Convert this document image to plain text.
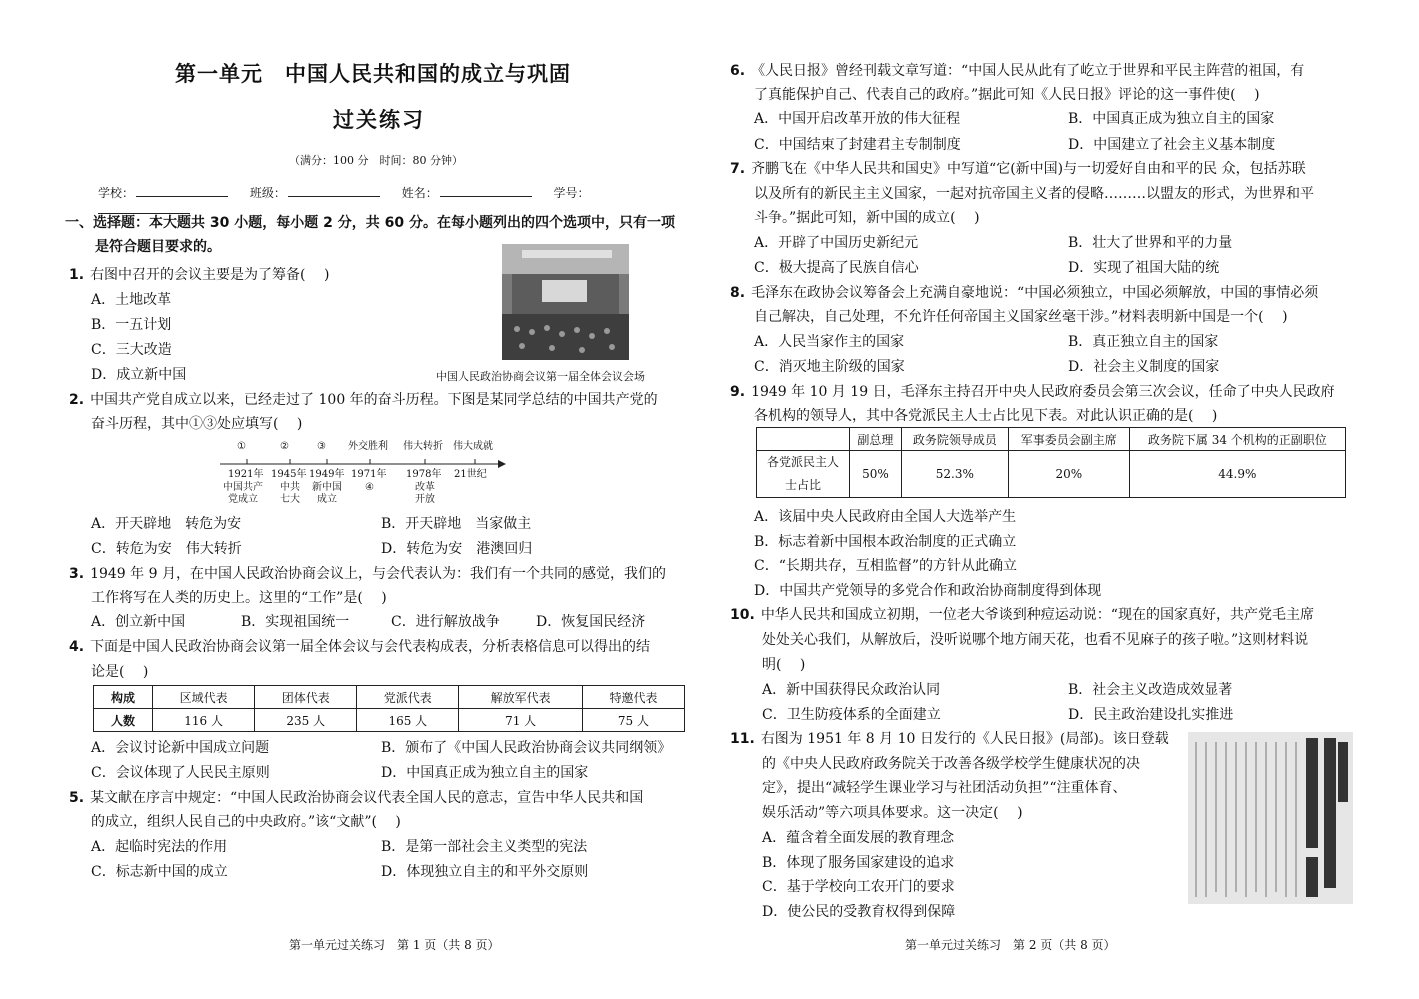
第一单元　中国人民共和国的成立与巩固
过关练习
（满分：100 分　时间：80 分钟）
学校：	班级：	姓名：	学号：
一、选择题：本大题共 30 小题，每小题 2 分，共 60 分。在每小题列出的四个选项中，只有一项
是符合题目要求的。
1. 右图中召开的会议主要是为了筹备(　 )
A．土地改革
B．一五计划
C．三大改造
D．成立新中国	中国人民政治协商会议第一届全体会议会场
2. 中国共产党自成立以来，已经走过了 100 年的奋斗历程。下图是某同学总结的中国共产党的
奋斗历程，其中①③处应填写(　 )
①	②	③ 外交胜利 伟大转折 伟大成就
1921年 1945年 1949年 1971年 1978年 21世纪
中国共产
党成立
中共
七大
新中国
成立
④	改革
开放
A．开天辟地　转危为安	B．开天辟地　当家做主
C．转危为安　伟大转折	D．转危为安　港澳回归
3. 1949 年 9 月，在中国人民政治协商会议上，与会代表认为：我们有一个共同的感觉，我们的
工作将写在人类的历史上。这里的“工作”是(　 )
A．创立新中国	B．实现祖国统一	C．进行解放战争	D．恢复国民经济
4. 下面是中国人民政治协商会议第一届全体会议与会代表构成表，分析表格信息可以得出的结
论是(　 )
构成	区域代表	团体代表	党派代表	解放军代表	特邀代表
人数	116 人	235 人	165 人	71 人	75 人
A．会议讨论新中国成立问题	B．颁布了《中国人民政治协商会议共同纲领》
C．会议体现了人民民主原则	D．中国真正成为独立自主的国家
5. 某文献在序言中规定：“中国人民政治协商会议代表全国人民的意志，宣告中华人民共和国
的成立，组织人民自己的中央政府。”该“文献”(　 )
A．起临时宪法的作用	B．是第一部社会主义类型的宪法
C．标志新中国的成立	D．体现独立自主的和平外交原则
第一单元过关练习　第 1 页（共 8 页）
6. 《人民日报》曾经刊载文章写道：“中国人民从此有了屹立于世界和平民主阵营的祖国，有
了真能保护自己、代表自己的政府。”据此可知《人民日报》评论的这一事件使(　 )
A．中国开启改革开放的伟大征程	B．中国真正成为独立自主的国家
C．中国结束了封建君主专制制度	D．中国建立了社会主义基本制度
7. 齐鹏飞在《中华人民共和国史》中写道“它(新中国)与一切爱好自由和平的民 众，包括苏联
以及所有的新民主主义国家，一起对抗帝国主义者的侵略………以盟友的形式，为世界和平
斗争。”据此可知，新中国的成立(　 )
A．开辟了中国历史新纪元	B．壮大了世界和平的力量
C．极大提高了民族自信心	D．实现了祖国大陆的统
8. 毛泽东在政协会议筹备会上充满自豪地说：“中国必须独立，中国必须解放，中国的事情必须
自己解决，自己处理，不允许任何帝国主义国家丝毫干涉。”材料表明新中国是一个(　 )
A．人民当家作主的国家	B．真正独立自主的国家
C．消灭地主阶级的国家	D．社会主义制度的国家
9. 1949 年 10 月 19 日，毛泽东主持召开中央人民政府委员会第三次会议，任命了中央人民政府
各机构的领导人，其中各党派民主人士占比见下表。对此认识正确的是(　 )
	副总理	政务院领导成员	军事委员会副主席	政务院下属 34 个机构的正副职位

各党派民主人
士占比	50%	52.3%	20%	44.9%
A．该届中央人民政府由全国人大选举产生
B．标志着新中国根本政治制度的正式确立
C．“长期共存，互相监督”的方针从此确立
D．中国共产党领导的多党合作和政治协商制度得到体现
10. 中华人民共和国成立初期，一位老大爷谈到种痘运动说：“现在的国家真好，共产党毛主席
处处关心我们，从解放后，没听说哪个地方闹天花，也看不见麻子的孩子啦。”这则材料说
明(　 )
A．新中国获得民众政治认同	B．社会主义改造成效显著
C．卫生防疫体系的全面建立	D．民主政治建设扎实推进
11. 右图为 1951 年 8 月 10 日发行的《人民日报》(局部)。该日登载
的《中央人民政府政务院关于改善各级学校学生健康状况的决
定》，提出“减轻学生课业学习与社团活动负担”“注重体育、
娱乐活动”等六项具体要求。这一决定(　 )
A．蕴含着全面发展的教育理念
B．体现了服务国家建设的追求
C．基于学校向工农开门的要求
D．使公民的受教育权得到保障
第一单元过关练习　第 2 页（共 8 页）
